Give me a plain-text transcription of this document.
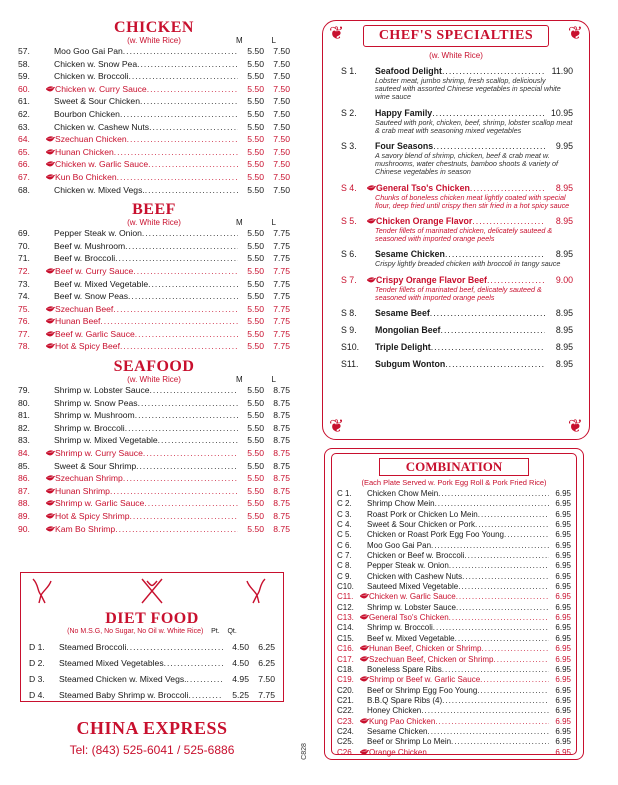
CHICKEN
(w. White Rice)	M	L
57.	Moo Goo Gai Pan .....	5.50	7.50
58.	Chicken w. Snow Pea .....	5.50	7.50
59.	Chicken w. Broccoli .....	5.50	7.50
60.	Chicken w. Curry Sauce .....	5.50	7.50
61.	Sweet & Sour Chicken .....	5.50	7.50
62.	Bourbon Chicken .....	5.50	7.50
63.	Chicken w. Cashew Nuts .....	5.50	7.50
64.	Szechuan Chicken .....	5.50	7.50
65.	Hunan Chicken .....	5.50	7.50
66.	Chicken w. Garlic Sauce .....	5.50	7.50
67.	Kun Bo Chicken .....	5.50	7.50
68.	Chicken w. Mixed Vegs. .....	5.50	7.50
BEEF
(w. White Rice)	M	L
69.	Pepper Steak w. Onion .....	5.50	7.75
70.	Beef w. Mushroom .....	5.50	7.75
71.	Beef w. Broccoli .....	5.50	7.75
72.	Beef w. Curry Sauce .....	5.50	7.75
73.	Beef w. Mixed Vegetable .....	5.50	7.75
74.	Beef w. Snow Peas .....	5.50	7.75
75.	Szechuan Beef .....	5.50	7.75
76.	Hunan Beef .....	5.50	7.75
77.	Beef w. Garlic Sauce .....	5.50	7.75
78.	Hot & Spicy Beef .....	5.50	7.75
SEAFOOD
(w. White Rice)	M	L
79.	Shrimp w. Lobster Sauce .....	5.50	8.75
80.	Shrimp w. Snow Peas .....	5.50	8.75
81.	Shrimp w. Mushroom .....	5.50	8.75
82.	Shrimp w. Broccoli .....	5.50	8.75
83.	Shrimp w. Mixed Vegetable .....	5.50	8.75
84.	Shrimp w. Curry Sauce .....	5.50	8.75
85.	Sweet & Sour Shrimp .....	5.50	8.75
86.	Szechuan Shrimp .....	5.50	8.75
87.	Hunan Shrimp .....	5.50	8.75
88.	Shrimp w. Garlic Sauce .....	5.50	8.75
89.	Hot & Spicy Shrimp .....	5.50	8.75
90.	Kam Bo Shrimp .....	5.50	8.75
DIET FOOD
(No M.S.G, No Sugar, No Oil w. White Rice) Pt. Qt.
D 1.	Steamed Broccoli .....	4.50	6.25
D 2.	Steamed Mixed Vegetables .....	4.50	6.25
D 3.	Steamed Chicken w. Mixed Vegs. .....	4.95	7.50
D 4.	Steamed Baby Shrimp w. Broccoli .....	5.25	7.75
CHINA EXPRESS
Tel: (843) 525-6041 / 525-6886	C828
❦	❦
❦	❦
CHEF'S SPECIALTIES
(w. White Rice)
S 1.	Seafood Delight .....	11.90
Lobster meat, jumbo shrimp, fresh scallop, deliciously sauteed with assorted Chinese vegetables in special white wine sauce
S 2.	Happy Family .....	10.95
Sauteed with pork, chicken, beef, shrimp, lobster scallop meat & crab meat with seasoning mixed vegetables
S 3.	Four Seasons .....	9.95
A savory blend of shrimp, chicken, beef & crab meat w. mushrooms, water chestnuts, bamboo shoots & variety of Chinese vegetables in season
S 4.	General Tso's Chicken .....	8.95
Chunks of boneless chicken meat lightly coated with special flour, deep fried until crispy then stir fried in a hot spicy sauce
S 5.	Chicken Orange Flavor .....	8.95
Tender fillets of marinated chicken, delicately sauteed & seasoned with imported orange peels
S 6.	Sesame Chicken .....	8.95
Crispy lightly breaded chicken with broccoli in tangy sauce
S 7.	Crispy Orange Flavor Beef .....	9.00
Tender fillets of marinated beef, delicately sauteed & seasoned with imported orange peels
S 8.	Sesame Beef .....	8.95
S 9.	Mongolian Beef .....	8.95
S10.	Triple Delight .....	8.95
S11.	Subgum Wonton .....	8.95
COMBINATION
(Each Plate Served w. Pork Egg Roll & Pork Fried Rice)
C 1.	Chicken Chow Mein .....	6.95
C 2.	Shrimp Chow Mein .....	6.95
C 3.	Roast Pork or Chicken Lo Mein .....	6.95
C 4.	Sweet & Sour Chicken or Pork .....	6.95
C 5.	Chicken or Roast Pork Egg Foo Young .....	6.95
C 6.	Moo Goo Gai Pan .....	6.95
C 7.	Chicken or Beef w. Broccoli .....	6.95
C 8.	Pepper Steak w. Onion .....	6.95
C 9.	Chicken with Cashew Nuts .....	6.95
C10.	Sauteed Mixed Vegetable .....	6.95
C11.	Chicken w. Garlic Sauce .....	6.95
C12.	Shrimp w. Lobster Sauce .....	6.95
C13.	General Tso's Chicken .....	6.95
C14.	Shrimp w. Broccoli .....	6.95
C15.	Beef w. Mixed Vegetable .....	6.95
C16.	Hunan Beef, Chicken or Shrimp .....	6.95
C17.	Szechuan Beef, Chicken or Shrimp .....	6.95
C18.	Boneless Spare Ribs .....	6.95
C19.	Shrimp or Beef w. Garlic Sauce .....	6.95
C20.	Beef or Shrimp Egg Foo Young .....	6.95
C21.	B.B.Q Spare Ribs (4) .....	6.95
C22.	Honey Chicken .....	6.95
C23.	Kung Pao Chicken .....	6.95
C24.	Sesame Chicken .....	6.95
C25.	Beef or Shrimp Lo Mein .....	6.95
C26.	Orange Chicken .....	6.95
